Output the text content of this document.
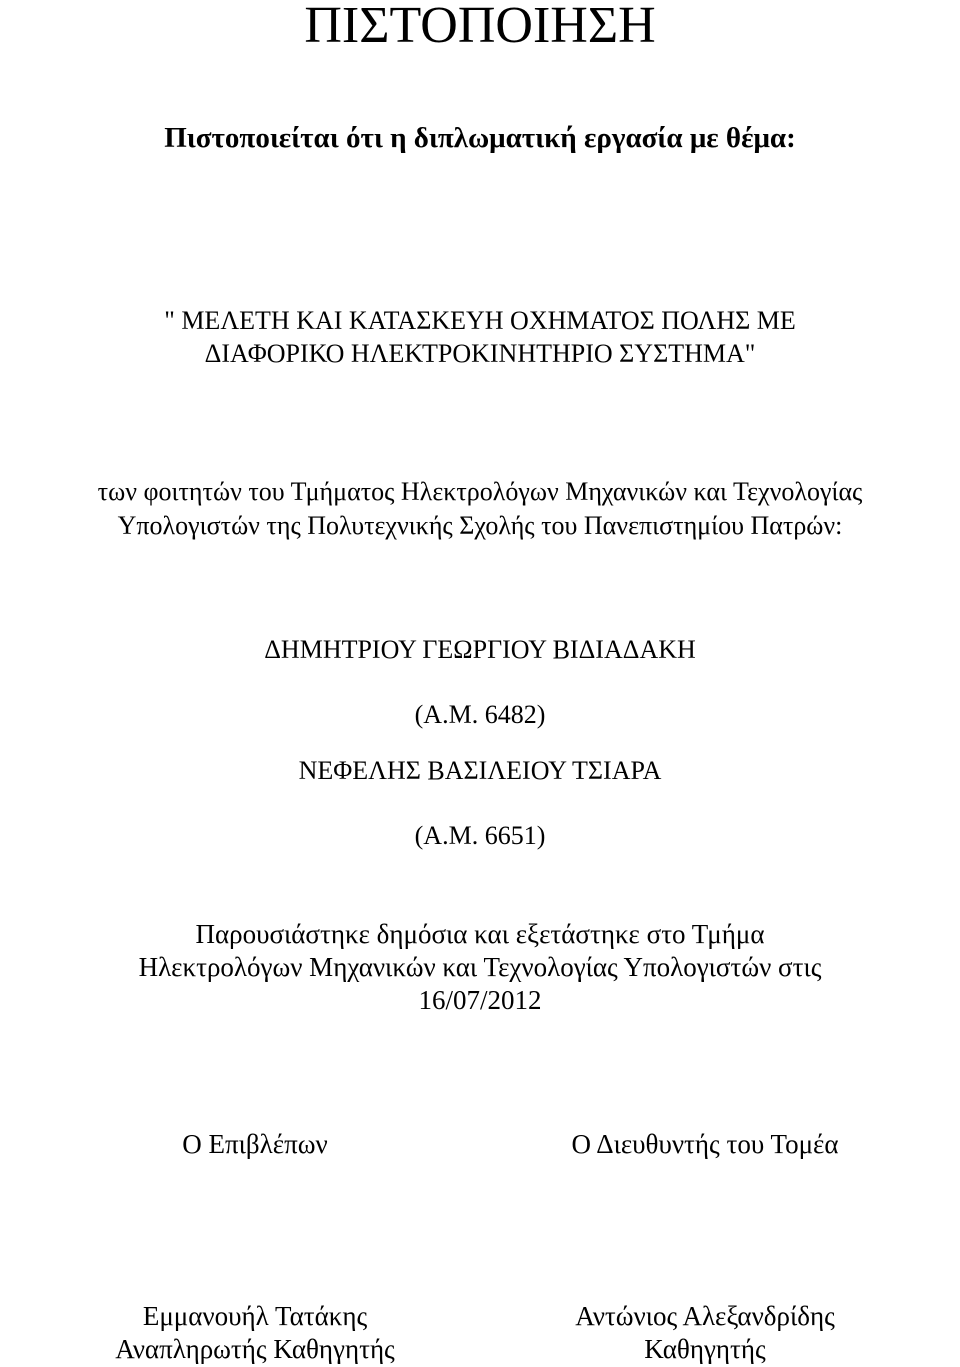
ΠΙΣΤΟΠΟΙΗΣΗ
Πιστοποιείται ότι η διπλωματική εργασία με θέμα:
" ΜΕΛΕΤΗ ΚΑΙ ΚΑΤΑΣΚΕΥΗ ΟΧΗΜΑΤΟΣ ΠΟΛΗΣ ΜΕ
ΔΙΑΦΟΡΙΚΟ ΗΛΕΚΤΡΟΚΙΝΗΤΗΡΙΟ ΣΥΣΤΗΜΑ"
των φοιτητών του Τμήματος Ηλεκτρολόγων Μηχανικών και Τεχνολογίας
Υπολογιστών της Πολυτεχνικής Σχολής του Πανεπιστημίου Πατρών:
ΔΗΜΗΤΡΙΟΥ ΓΕΩΡΓΙΟΥ ΒΙΔΙΑΔΑΚΗ
(Α.Μ. 6482)
ΝΕΦΕΛΗΣ ΒΑΣΙΛΕΙΟΥ ΤΣΙΑΡΑ
(Α.Μ. 6651)
Παρουσιάστηκε δημόσια και εξετάστηκε στο Τμήμα
Ηλεκτρολόγων Μηχανικών και Τεχνολογίας Υπολογιστών στις
16/07/2012
Ο Επιβλέπων	Ο Διευθυντής του Τομέα
Εμμανουήλ Τατάκης	Αντώνιος Αλεξανδρίδης
Αναπληρωτής Καθηγητής	Καθηγητής
